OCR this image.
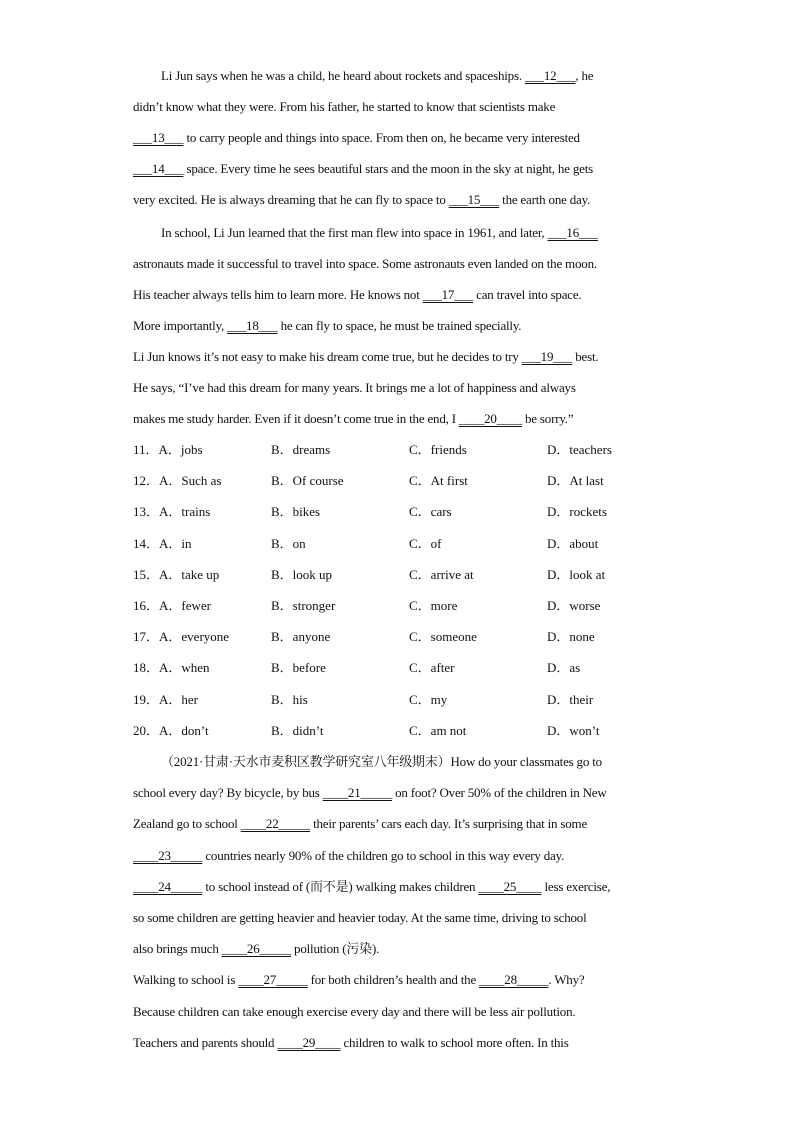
Li Jun says when he was a child, he heard about rockets and spaceships. ___12___, he
didn’t know what they were. From his father, he started to know that scientists make
___13___ to carry people and things into space. From then on, he became very interested
___14___ space. Every time he sees beautiful stars and the moon in the sky at night, he gets
very excited. He is always dreaming that he can fly to space to ___15___ the earth one day.
In school, Li Jun learned that the first man flew into space in 1961, and later, ___16___
astronauts made it successful to travel into space. Some astronauts even landed on the moon.
His teacher always tells him to learn more. He knows not ___17___ can travel into space.
More importantly, ___18___ he can fly to space, he must be trained specially.
Li Jun knows it’s not easy to make his dream come true, but he decides to try ___19___ best.
He says, “I’ve had this dream for many years. It brings me a lot of happiness and always
makes me study harder. Even if it doesn’t come true in the end, I ____20____ be sorry.”
11．A．jobs	B．dreams	C．friends	D．teachers
12．A．Such as	B．Of course	C．At first	D．At last
13．A．trains	B．bikes	C．cars	D．rockets
14．A．in	B．on	C．of	D．about
15．A．take up	B．look up	C．arrive at	D．look at
16．A．fewer	B．stronger	C．more	D．worse
17．A．everyone	B．anyone	C．someone	D．none
18．A．when	B．before	C．after	D．as
19．A．her	B．his	C．my	D．their
20．A．don’t	B．didn’t	C．am not	D．won’t
（2021·甘肃·天水市麦积区教学研究室八年级期末）How do your classmates go to
school every day? By bicycle, by bus ____21_____ on foot? Over 50% of the children in New
Zealand go to school ____22_____ their parents’ cars each day. It’s surprising that in some
____23_____ countries nearly 90% of the children go to school in this way every day.
____24_____ to school instead of (而不是) walking makes children ____25____ less exercise,
so some children are getting heavier and heavier today. At the same time, driving to school
also brings much ____26_____ pollution (污染).
Walking to school is ____27_____ for both children’s health and the ____28_____. Why?
Because children can take enough exercise every day and there will be less air pollution.
Teachers and parents should ____29____ children to walk to school more often. In this
